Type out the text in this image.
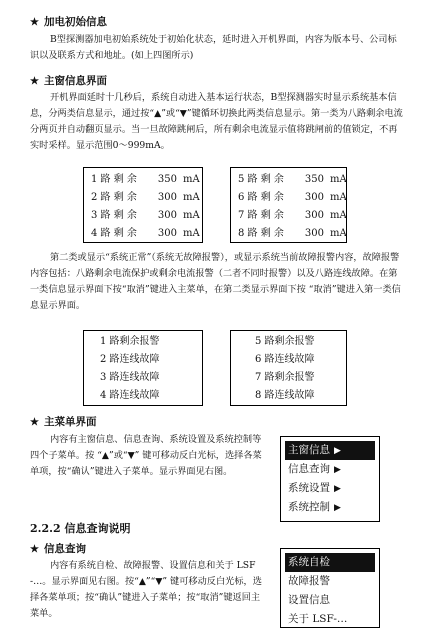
★ 加电初始信息
B型探测器加电初始系统处于初始化状态，延时进入开机界面，内容为版本号、公司标识以及联系方式和地址。(如上四图所示)
★ 主窗信息界面
开机界面延时十几秒后，系统自动进入基本运行状态，B型探测器实时显示系统基本信息，分两类信息显示，通过按“▲”或“▼”键循环切换此两类信息显示。第一类为八路剩余电流分两页并自动翻页显示。当一旦故障跳闸后，所有剩余电流显示值将跳闸前的值锁定，不再实时采样。显示范围0～999mA。
1 路 剩 余 350 mA
2 路 剩 余 300 mA
3 路 剩 余 300 mA
4 路 剩 余 300 mA
5 路 剩 余 350 mA
6 路 剩 余 300 mA
7 路 剩 余 300 mA
8 路 剩 余 300 mA
第二类或显示“系统正常”（系统无故障报警），或显示系统当前故障报警内容，故障报警内容包括：八路剩余电流保护或剩余电流报警（二者不同时报警）以及八路连线故障。在第一类信息显示界面下按“取消”键进入主菜单，在第二类显示界面下按 “取消”键进入第一类信息显示界面。
1 路剩余报警
2 路连线故障
3 路连线故障
4 路连线故障
5 路剩余报警
6 路连线故障
7 路剩余报警
8 路连线故障
★ 主菜单界面
内容有主窗信息、信息查询、系统设置及系统控制等四个子菜单。按 “▲”或“▼” 键可移动反白光标，选择各菜单项，按“确认”键进入子菜单。显示界面见右图。
主窗信息 ▶
信息查询 ▶
系统设置 ▶
系统控制 ▶
2.2.2 信息查询说明
★ 信息查询
内容有系统自检、故障报警、设置信息和关于 LSF-…。显示界面见右图。按“▲”“▼” 键可移动反白光标，选择各菜单项；按“确认”键进入子菜单；按“取消”键返回主菜单。
系统自检
故障报警
设置信息
关于 LSF-…
